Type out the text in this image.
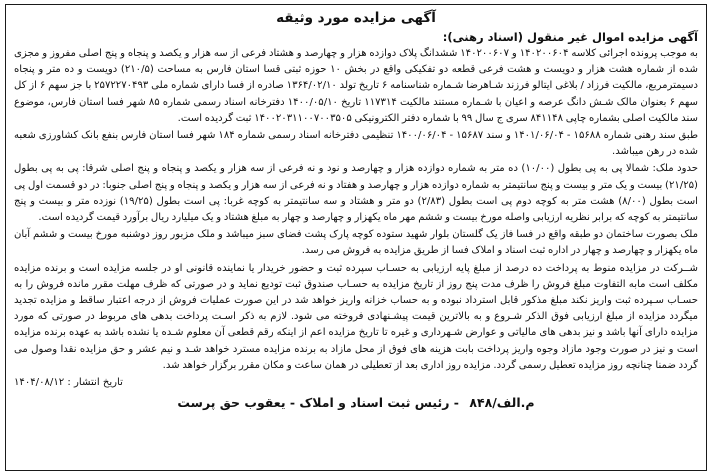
آگهی مزایده مورد وثیقه
آگهی مزایده اموال غیر منقول (اسناد رهنی):
به موجب پرونده اجرائی کلاسه ۱۴۰۲۰۰۶۰۴ و ۱۴۰۲۰۰۶۰۷ ششدانگ پلاک دوازده هزار و چهارصد و هشتاد فرعی از سه هزار و یکصد و پنجاه و پنج اصلی مفروز و مجزی شده از شماره هشت هزار و دویست و هشت فرعی قطعه دو تفکیکی واقع در بخش ۱۰ حوزه ثبتی قسا استان فارس به مساحت (۲۱۰/۵) دویست و ده متر و پنجاه دسیمترمربع، مالکیت فرزاد / بلاغی ایتالو فرزند شـاهرضا شـماره شناسنامه ۶ تاریخ تولد ۱۳۶۴/۰۲/۱۰ صادره از فسا دارای شماره ملی ۲۵۷۲۲۷۰۴۹۳ با جز سهم ۶ از کل سهم ۶ بعنوان مالک شـش دانگ عرصه و اعیان با شـماره مستند مالکیت ۱۱۷۳۱۴ تاریخ ۱۴۰۰/۰۵/۱۰ دفترخانه اسناد رسمی شماره ۸۵ شهر فسا استان فارس، موضوع سند مالکیت اصلی بشماره چاپی ۸۴۱۱۴۸ سری ج سال ۹۹ با شماره دفتر الکترونیکی ۱۴۰۰۲۰۳۱۱۰۰۷۰۰۳۵۰۵ ثبت گردیده است.
طبق سند رهنی شماره ۱۵۶۸۸ - ۱۴۰۱/۰۶/۰۴ و سند ۱۵۶۸۷ - ۱۴۰۰/۰۶/۰۴ تنظیمی دفترخانه اسناد رسمی شماره ۱۸۴ شهر فسا استان فارس بنفع بانک کشاورزی شعبه شده در رهن میباشد.
حدود ملک: شمالا پی به پی بطول (۱۰/۰۰) ده متر به شماره دوازده هزار و چهارصد و نود و نه فرعی از سه هزار و یکصد و پنجاه و پنج اصلی شرقا: پی به پی بطول (۲۱/۲۵) بیست و یک متر و بیست و پنج سانتیمتر به شماره دوازده هزار و چهارصد و هفتاد و نه فرعی از سه هزار و یکصد و پنجاه و پنج اصلی جنوبا: در دو قسمت اول پی است بطول (۸/۰۰) هشت متر به کوچه دوم پی است بطول (۲/۸۳) دو متر و هشتاد و سه سانتیمتر به کوچه غربا: پی است بطول (۱۹/۲۵) نوزده متر و بیست و پنج سانتیمتر به کوچه که برابر نظریه ارزیابی واصله مورخ بیست و ششم مهر ماه یکهزار و چهارصد و چهار به مبلغ هشتاد و یک میلیارد ریال برآورد قیمت گردیده است.
ملک بصورت ساختمان دو طبقه واقع در فسا فاز یک گلستان بلوار شهید ستوده کوچه پارک پشت فضای سبز میباشد و ملک مزبور روز دوشنبه مورخ بیست و ششم آبان ماه یکهزار و چهارصد و چهار در اداره ثبت اسناد و املاک فسا از طریق مزایده به فروش می رسد.
شــرکت در مزایده منوط به پرداخت ده درصد از مبلغ پایه ارزیابی به حسـاب سپرده ثبت و حضور خریدار یا نماینده قانونی او در جلسه مزایده است و برنده مزایده مکلف است مابه التفاوت مبلغ فروش را ظرف مدت پنج روز از تاریخ مزایده به حسـاب صندوق ثبت تودیع نماید و در صورتی که ظرف مهلت مقرر مانده فروش را به حسـاب سـپرده ثبت واریز نکند مبلغ مذکور قابل استرداد نبوده و به حساب خزانه واریز خواهد شد در این صورت عملیات فروش از درجه اعتبار ساقط و مزایده تجدید میگردد مزایده از مبلغ ارزیابی فوق الذکر شـروع و به بالاترین قیمت پیشـنهادی فروخته می شود. لازم به ذکر اسـت پرداخت بدهی های مربوط در صورتی که مورد مزایده دارای آنها باشد و نیز بدهی های مالیاتی و عوارض شـهرداری و غیره تا تاریخ مزایده اعم از اینکه رقم قطعی آن معلوم شـده یا نشده باشد به عهده برنده مزایده است و نیز در صورت وجود مازاد وجوه واریز پرداخت بابت هزینه های فوق از محل مازاد به برنده مزایده مسترد خواهد شـد و نیم عشر و حق مزایده نقدا وصول می گردد ضمنا چنانچه روز مزایده تعطیل رسمی گردد. مزایده روز اداری بعد از تعطیلی در همان ساعت و مکان مقرر برگزار خواهد شد.
تاریخ انتشار : ۱۴۰۴/۰۸/۱۲
۸۴۸/م.الف - رئیس ثبت اسناد و املاک - یعقوب حق پرست
